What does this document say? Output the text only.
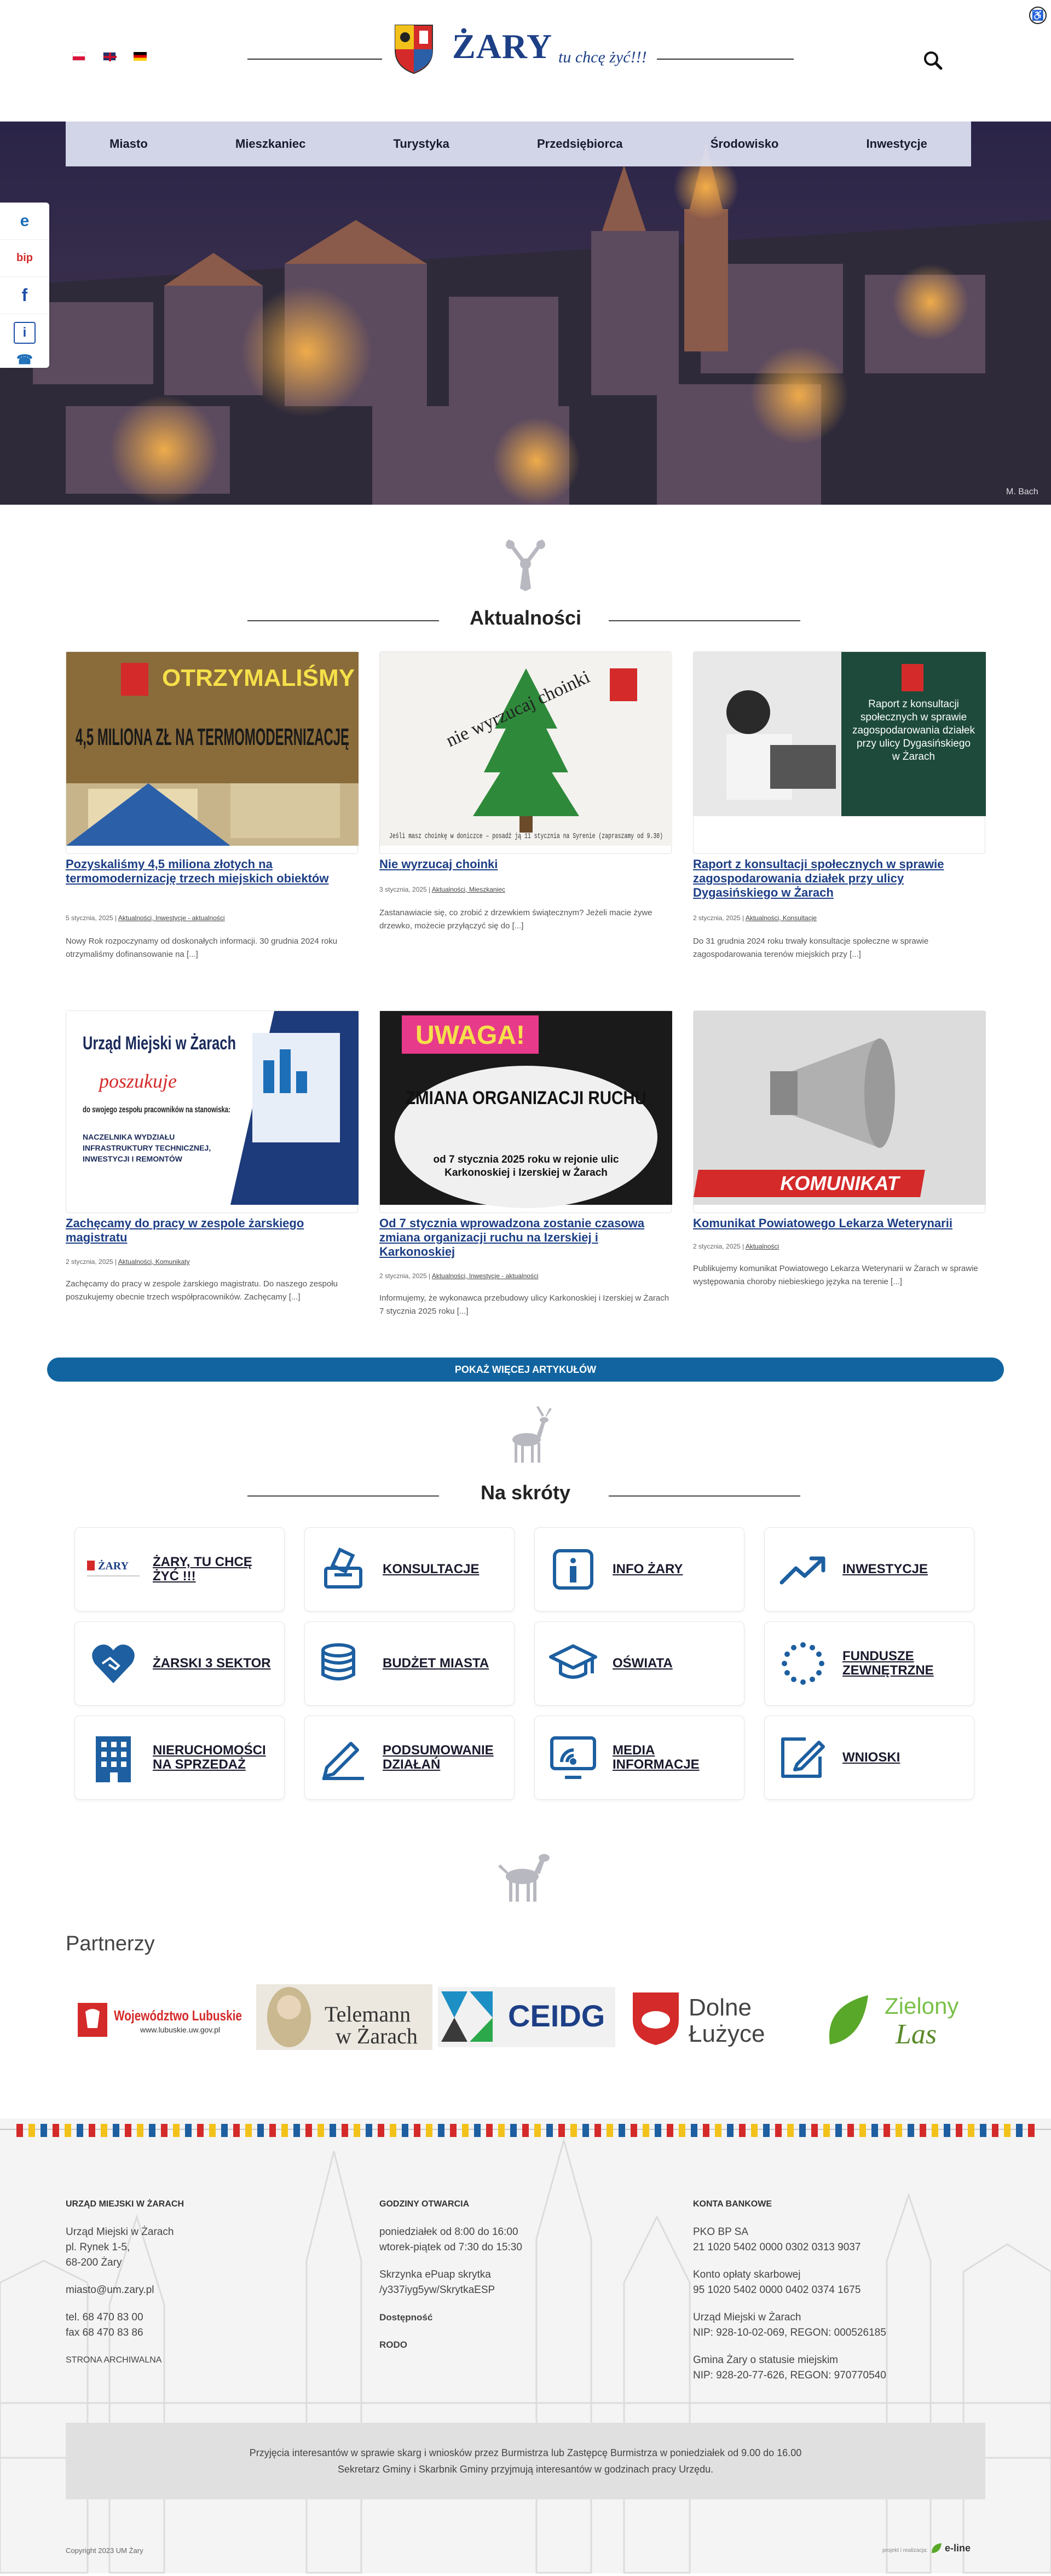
♿
ŻARY tu chcę żyć!!!
Miasto	Mieszkaniec	Turystyka	Przedsiębiorca	Środowisko	Inwestycje
e
bip
f
i
☎
M. Bach
Aktualności
OTRZYMALIŚMY
4,5 MILIONA ZŁ NA TERMOMODERNIZACJĘ	nie wyrzucaj choinki
Jeśli masz choinkę w doniczce – posadź ją 11 stycznia na Syrenie (zapraszamy od 9.30)
Raport z konsultacji społecznych w sprawie zagospodarowania działek przy ulicy Dygasińskiego w Żarach
Pozyskaliśmy 4,5 miliona złotych na termomodernizację trzech miejskich obiektów
5 stycznia, 2025 | Aktualności, Inwestycje - aktualności
Nowy Rok rozpoczynamy od doskonałych informacji. 30 grudnia 2024 roku otrzymaliśmy dofinansowanie na [...]
Nie wyrzucaj choinki
3 stycznia, 2025 | Aktualności, Mieszkaniec
Zastanawiacie się, co zrobić z drzewkiem świątecznym? Jeżeli macie żywe drzewko, możecie przyłączyć się do [...]
Raport z konsultacji społecznych w sprawie zagospodarowania działek przy ulicy Dygasińskiego w Żarach
2 stycznia, 2025 | Aktualności, Konsultacje
Do 31 grudnia 2024 roku trwały konsultacje społeczne w sprawie zagospodarowania terenów miejskich przy [...]
Urząd Miejski w Żarach
poszukuje
do swojego zespołu pracowników na stanowiska:
NACZELNIKA WYDZIAŁU
INFRASTRUKTURY TECHNICZNEJ,
INWESTYCJI I REMONTÓW
UWAGA!
ZMIANA ORGANIZACJI RUCHU
od 7 stycznia 2025 roku w rejonie ulic Karkonoskiej i Izerskiej w Żarach	KOMUNIKAT
Zachęcamy do pracy w zespole żarskiego magistratu
2 stycznia, 2025 | Aktualności, Komunikaty
Zachęcamy do pracy w zespole żarskiego magistratu. Do naszego zespołu poszukujemy obecnie trzech współpracowników. Zachęcamy [...]
Od 7 stycznia wprowadzona zostanie czasowa zmiana organizacji ruchu na Izerskiej i Karkonoskiej
2 stycznia, 2025 | Aktualności, Inwestycje - aktualności
Informujemy, że wykonawca przebudowy ulicy Karkonoskiej i Izerskiej w Żarach 7 stycznia 2025 roku [...]
Komunikat Powiatowego Lekarza Weterynarii
2 stycznia, 2025 | Aktualności
Publikujemy komunikat Powiatowego Lekarza Weterynarii w Żarach w sprawie występowania choroby niebieskiego języka na terenie [...]
POKAŻ WIĘCEJ ARTYKUŁÓW
Na skróty
ŻARY ŻARY, TU CHCĘ ŻYĆ !!!	KONSULTACJE	INFO ŻARY	INWESTYCJE
ŻARSKI 3 SEKTOR	BUDŻET MIASTA	OŚWIATA	FUNDUSZE ZEWNĘTRZNE
NIERUCHOMOŚCI NA SPRZEDAŻ
PODSUMOWANIE DZIAŁAŃ
MEDIA INFORMACJE	WNIOSKI
Partnerzy
Województwo Lubuskie
www.lubuskie.uw.gov.pl
Telemann
w Żarach
CEIDG	Dolne
Łużyce
Zielony
Las
URZĄD MIEJSKI W ŻARACH
Urząd Miejski w Żarach
pl. Rynek 1-5,
68-200 Żary
miasto@um.zary.pl
tel. 68 470 83 00
fax 68 470 83 86
STRONA ARCHIWALNA
GODZINY OTWARCIA
poniedziałek od 8:00 do 16:00
wtorek-piątek od 7:30 do 15:30
Skrzynka ePuap skrytka
/y337iyg5yw/SkrytkaESP
Dostępność
RODO
KONTA BANKOWE
PKO BP SA
21 1020 5402 0000 0302 0313 9037
Konto opłaty skarbowej
95 1020 5402 0000 0402 0374 1675
Urząd Miejski w Żarach
NIP: 928-10-02-069, REGON: 000526185
Gmina Żary o statusie miejskim
NIP: 928-20-77-626, REGON: 970770540
Przyjęcia interesantów w sprawie skarg i wniosków przez Burmistrza lub Zastępcę Burmistrza w poniedziałek od 9.00 do 16.00
Sekretarz Gminy i Skarbnik Gminy przyjmują interesantów w godzinach pracy Urzędu.
Copyright 2023 UM Żary	projekt i realizacja: e-line
